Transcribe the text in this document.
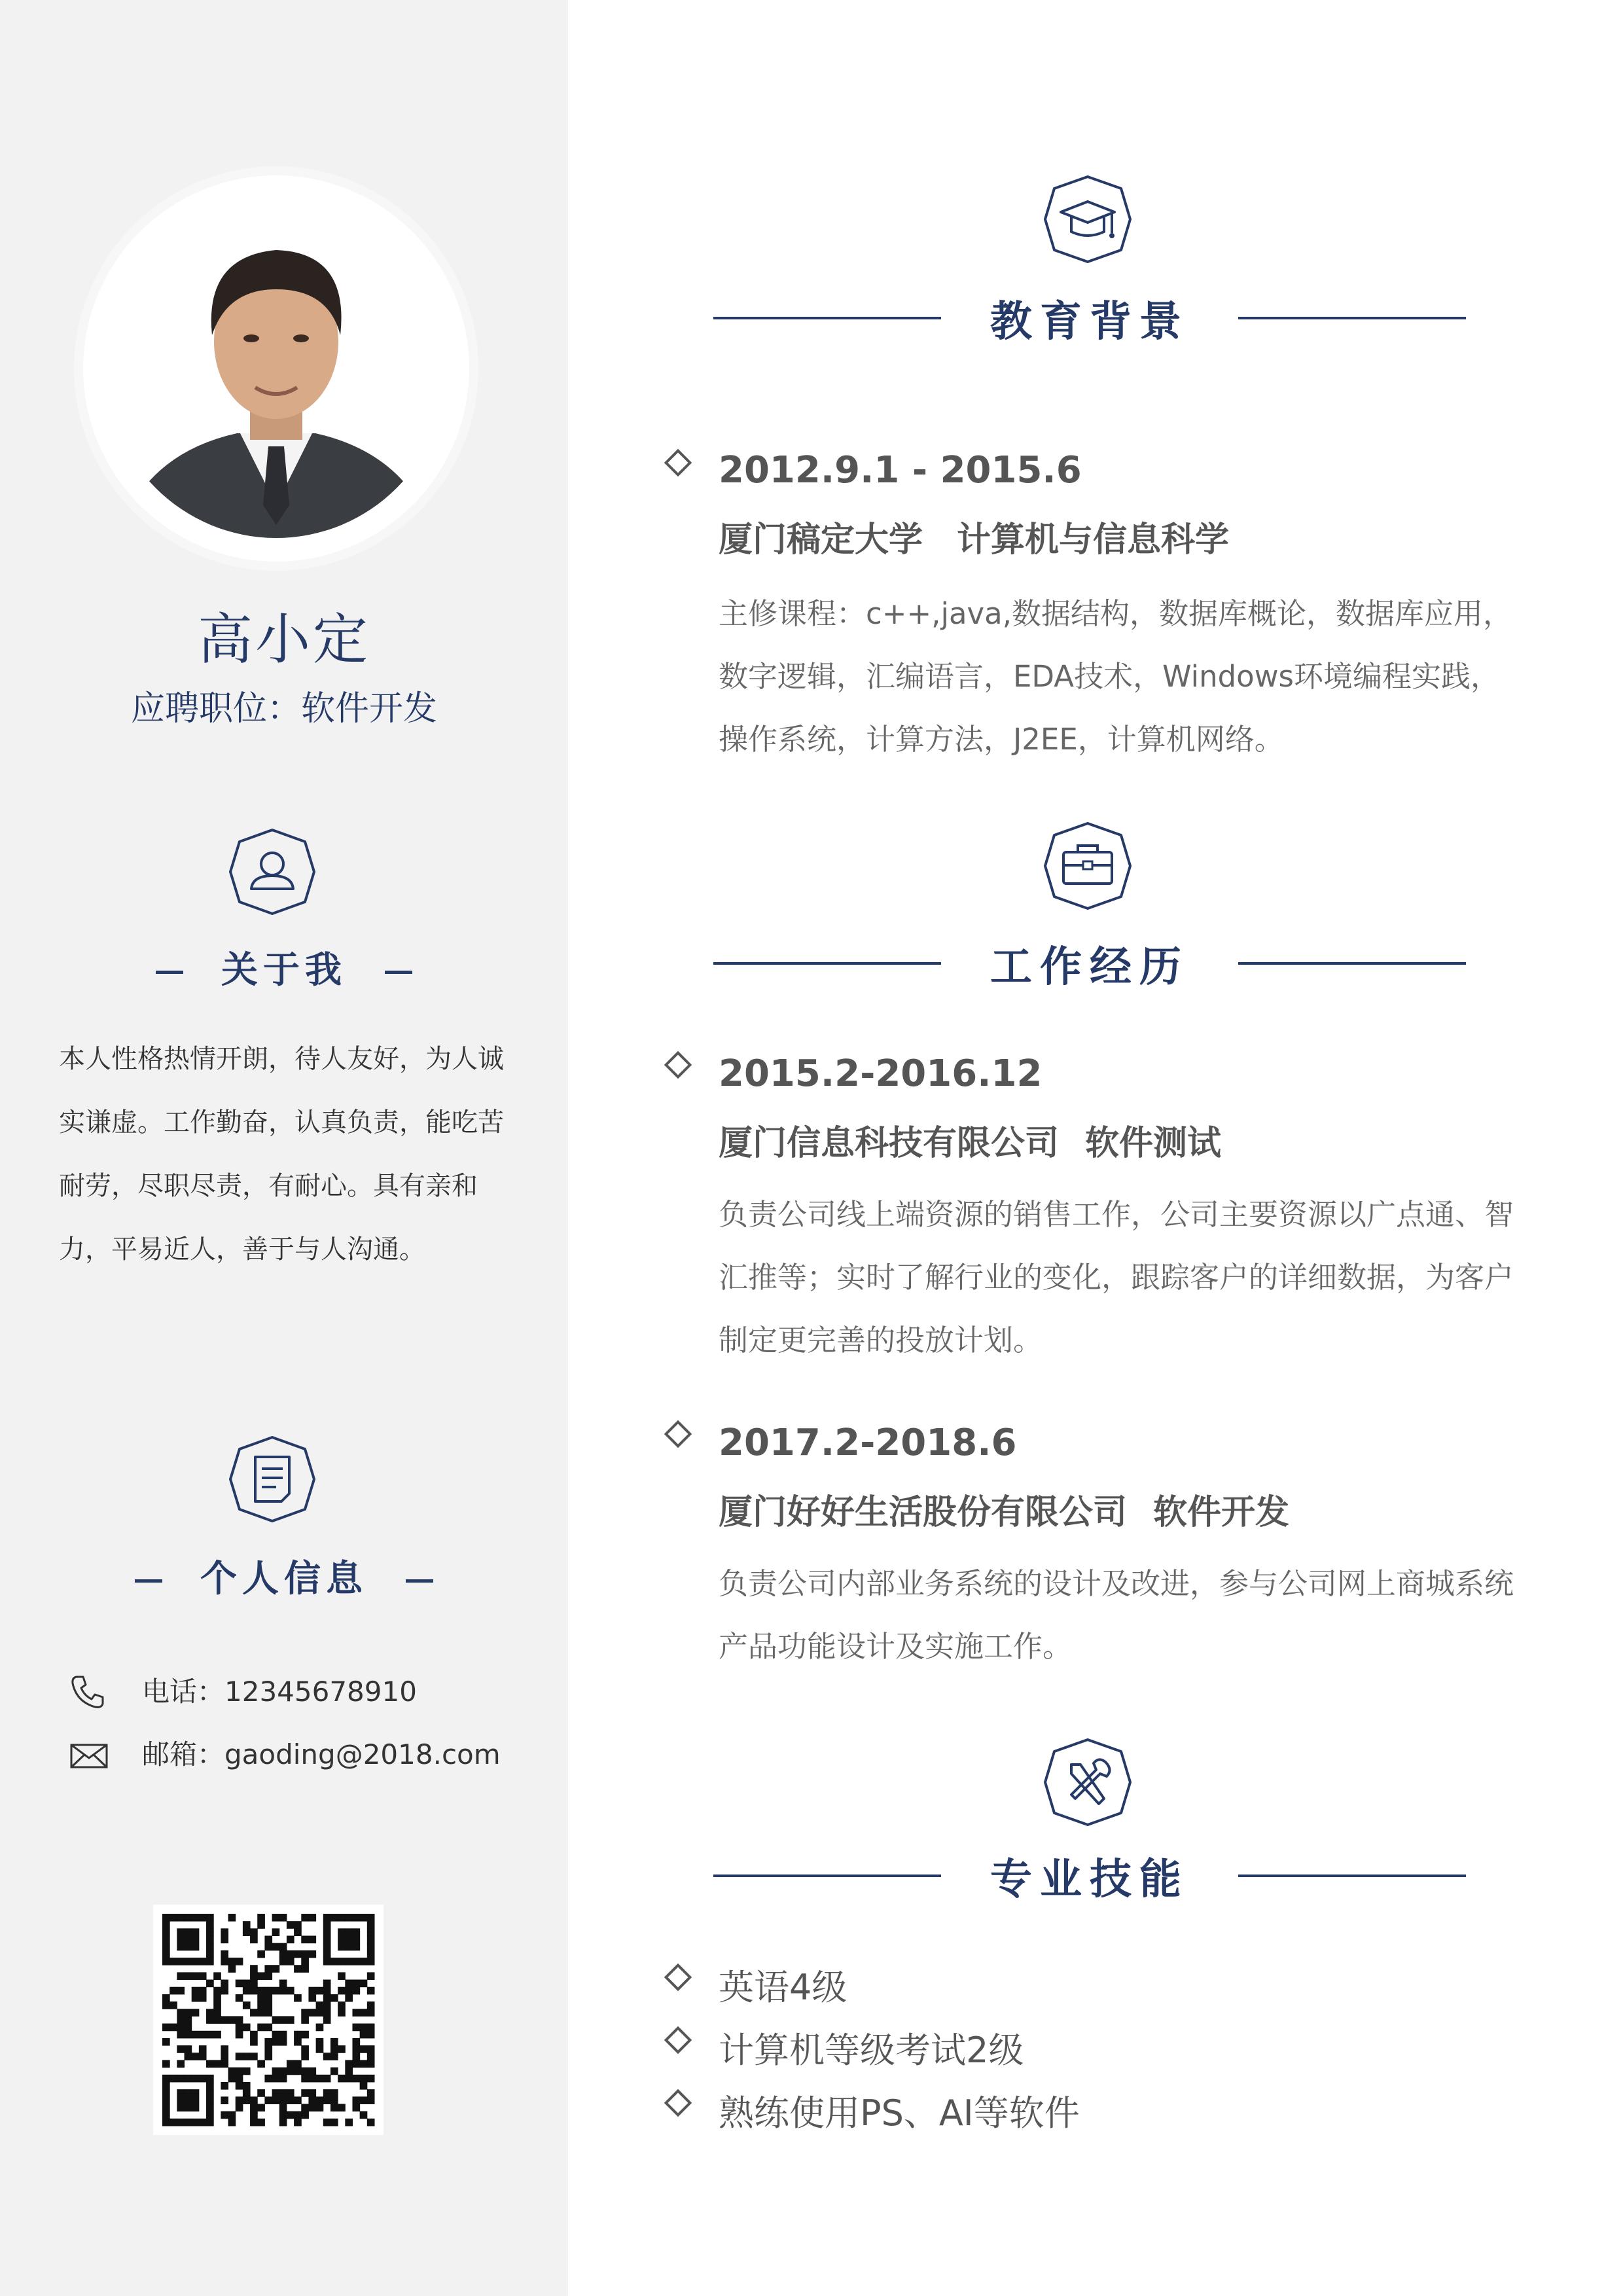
高小定
应聘职位：软件开发
关于我
本人性格热情开朗，待人友好，为人诚实谦虚。工作勤奋，认真负责，能吃苦耐劳，尽职尽责，有耐心。具有亲和力，平易近人，善于与人沟通。
个人信息
电话：12345678910
邮箱：gaoding@2018.com
教育背景
2012.9.1 - 2015.6
厦门稿定大学 计算机与信息科学
主修课程：c++,java,数据结构，数据库概论，数据库应用，数字逻辑，汇编语言，EDA技术，Windows环境编程实践，操作系统，计算方法，J2EE，计算机网络。
工作经历
2015.2-2016.12
厦门信息科技有限公司 软件测试
负责公司线上端资源的销售工作，公司主要资源以广点通、智汇推等；实时了解行业的变化，跟踪客户的详细数据，为客户制定更完善的投放计划。
2017.2-2018.6
厦门好好生活股份有限公司 软件开发
负责公司内部业务系统的设计及改进，参与公司网上商城系统产品功能设计及实施工作。
专业技能
英语4级
计算机等级考试2级
熟练使用PS、AI等软件
